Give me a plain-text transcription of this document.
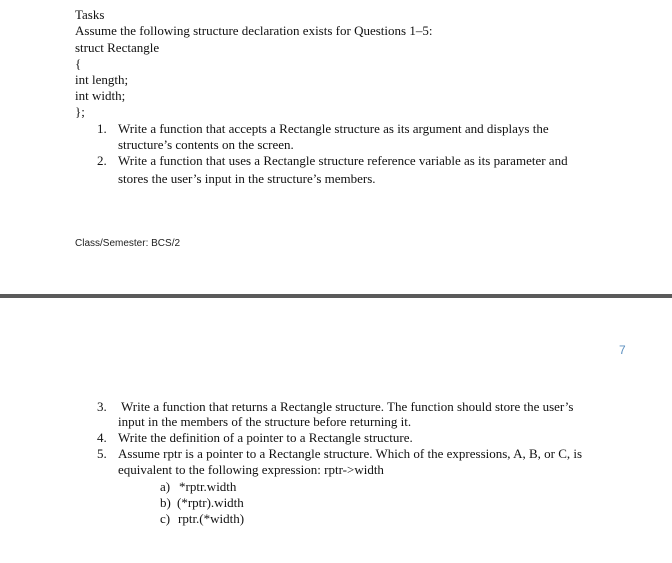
Tasks
Assume the following structure declaration exists for Questions 1–5:
struct Rectangle
{
int length;
int width;
};
1. Write a function that accepts a Rectangle structure as its argument and displays the
structure’s contents on the screen.
2. Write a function that uses a Rectangle structure reference variable as its parameter and
stores the user’s input in the structure’s members.
Class/Semester: BCS/2
7
3. Write a function that returns a Rectangle structure. The function should store the user’s
input in the members of the structure before returning it.
4. Write the definition of a pointer to a Rectangle structure.
5. Assume rptr is a pointer to a Rectangle structure. Which of the expressions, A, B, or C, is
equivalent to the following expression: rptr->width
a) *rptr.width
b) (*rptr).width
c) rptr.(*width)
